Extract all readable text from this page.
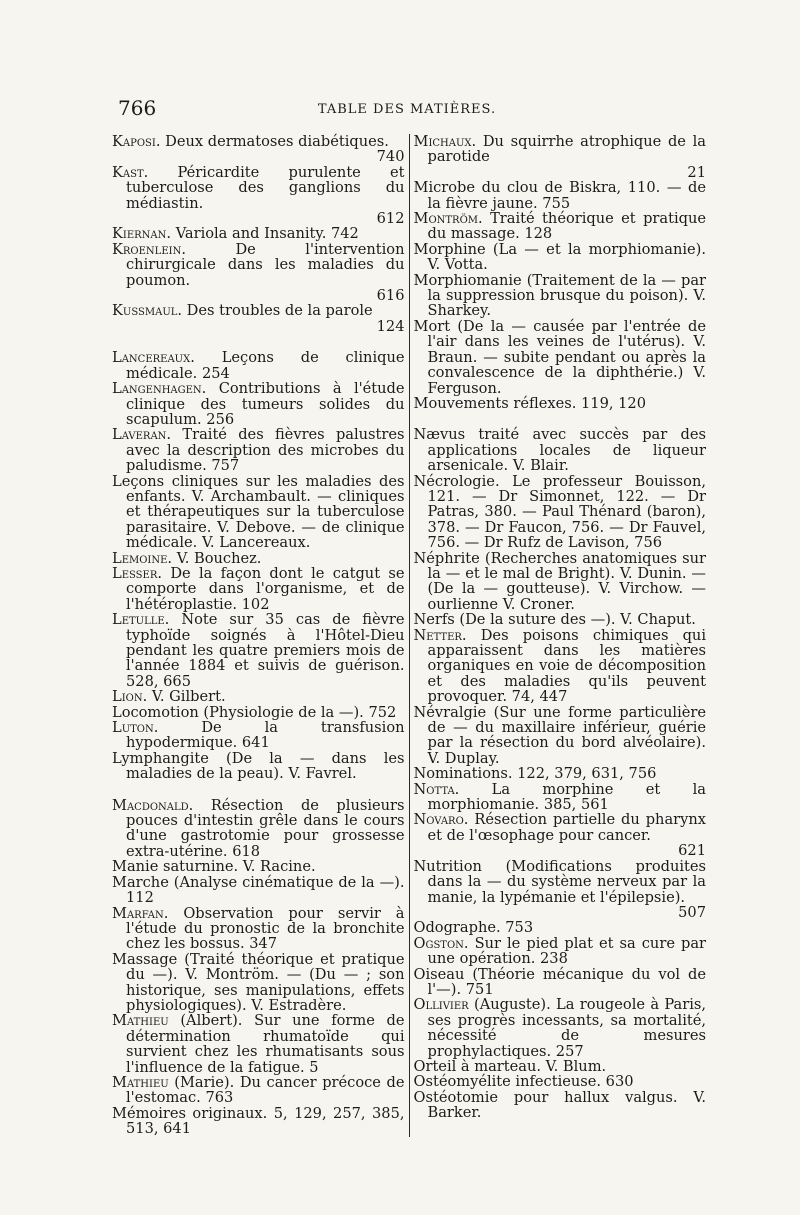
766	TABLE DES MATIÈRES.

Kaposi. Deux dermatoses diabétiques.
740

Kast. Péricardite purulente et tuberculose des ganglions du médiastin.
612

Kiernan. Variola and Insanity. 742

Kroenlein.	De l'intervention chirurgicale dans les maladies du poumon.
616

Kussmaul. Des troubles de la parole
124

Lancereaux. Leçons de clinique médicale. 254

Langenhagen. Contributions à l'étude clinique des tumeurs solides du scapulum. 256

Laveran. Traité des fièvres palustres avec la description des microbes du paludisme. 757

Leçons cliniques sur les maladies des enfants. V. Archambault. — cliniques et thérapeutiques sur la tuberculose parasitaire. V. Debove. — de clinique médicale. V. Lancereaux.

Lemoine. V. Bouchez.

Lesser. De la façon dont le catgut se comporte dans l'organisme, et de l'hétéroplastie. 102

Letulle. Note sur 35 cas de fièvre typhoïde soignés à l'Hôtel-Dieu pendant les quatre premiers mois de l'année 1884 et suivis de guérison. 528, 665

Lion. V. Gilbert.

Locomotion (Physiologie de la —). 752

Luton.	De la transfusion hypodermique. 641

Lymphangite (De la — dans les maladies de la peau). V. Favrel.

Macdonald. Résection de plusieurs pouces d'intestin grêle dans le cours d'une gastrotomie pour grossesse extra-utérine. 618

Manie saturnine. V. Racine.

Marche (Analyse cinématique de la —). 112

Marfan. Observation pour servir à l'étude du pronostic de la bronchite chez les bossus. 347

Massage (Traité théorique et pratique du —). V. Montröm. — (Du — ; son historique, ses manipulations, effets physiologiques). V. Estradère.

Mathieu (Albert). Sur une forme de détermination rhumatoïde qui survient chez les rhumatisants sous l'influence de la fatigue. 5

Mathieu (Marie). Du cancer précoce de l'estomac. 763

Mémoires originaux. 5, 129, 257, 385, 513, 641

Michaux. Du squirrhe atrophique de la parotide
21

Microbe du clou de Biskra, 110. — de la fièvre jaune. 755

Montröm. Traité théorique et pratique du massage. 128

Morphine (La — et la morphiomanie). V. Votta.

Morphiomanie (Traitement de la — par la suppression brusque du poison). V. Sharkey.

Mort (De la — causée par l'entrée de l'air dans les veines de l'utérus). V. Braun. — subite pendant ou après la convalescence de la diphthérie.) V. Ferguson.

Mouvements réflexes. 119, 120

Nævus traité avec succès par des applications locales de liqueur arsenicale. V. Blair.

Nécrologie. Le professeur Bouisson, 121. — Dr Simonnet, 122. — Dr Patras, 380. — Paul Thénard (baron), 378. — Dr Faucon, 756. — Dr Fauvel, 756. — Dr Rufz de Lavison, 756

Néphrite (Recherches anatomiques sur la — et le mal de Bright). V. Dunin. —(De la — goutteuse). V. Virchow. — ourlienne V. Croner.

Nerfs (De la suture des —). V. Chaput.

Netter. Des poisons chimiques qui apparaissent dans les matières organiques en voie de décomposition et des maladies qu'ils peuvent provoquer. 74, 447

Névralgie (Sur une forme particulière de — du maxillaire inférieur, guérie par la résection du bord alvéolaire). V. Duplay.

Nominations. 122, 379, 631, 756

Notta. La morphine et la morphiomanie. 385, 561

Novaro. Résection partielle du pharynx et de l'œsophage pour cancer.
621

Nutrition (Modifications produites dans la — du système nerveux par la manie, la lypémanie et l'épilepsie).
507

Odographe. 753

Ogston. Sur le pied plat et sa cure par une opération. 238

Oiseau (Théorie mécanique du vol de l'—). 751

Ollivier (Auguste). La rougeole à Paris, ses progrès incessants, sa mortalité, nécessité de mesures prophylactiques. 257

Orteil à marteau. V. Blum.

Ostéomyélite infectieuse. 630

Ostéotomie pour hallux valgus. V. Barker.
